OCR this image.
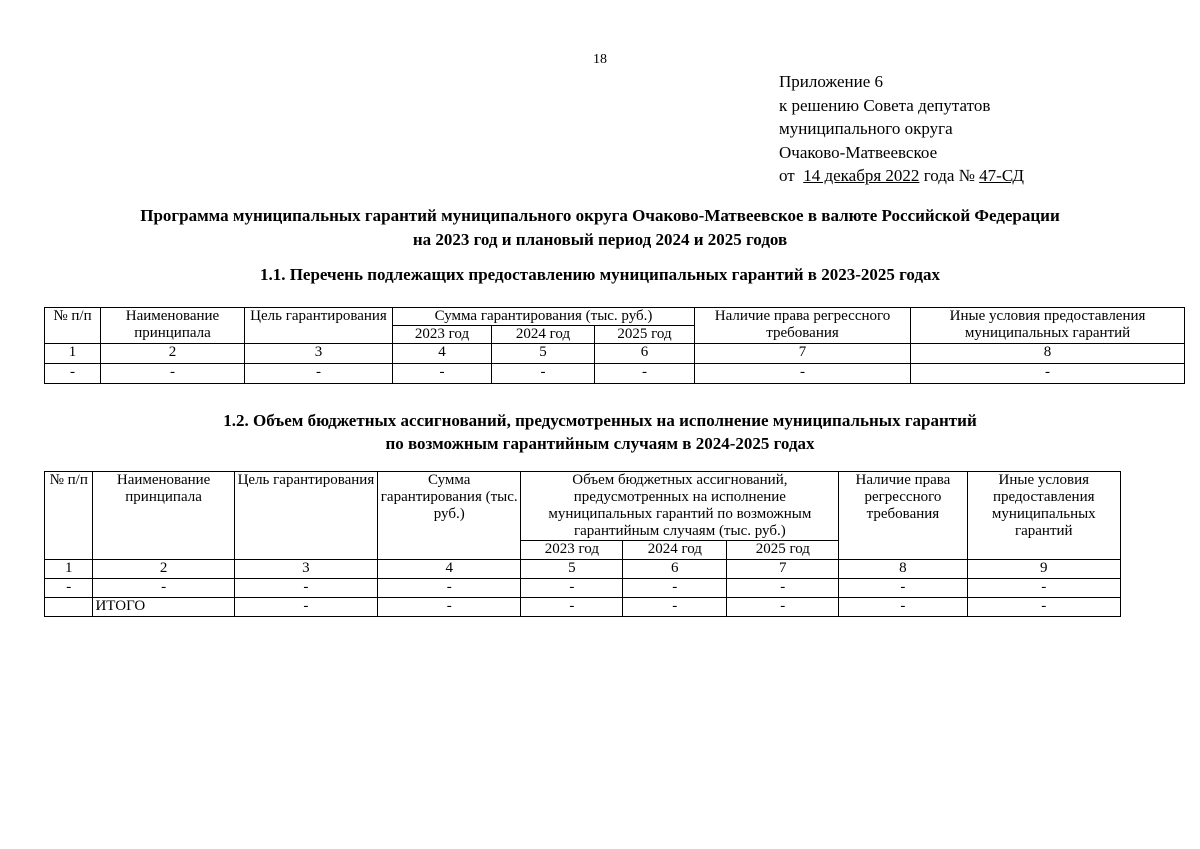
18
Приложение 6
к решению Совета депутатов
муниципального округа
Очаково-Матвеевское
от 14 декабря 2022 года № 47-СД
Программа муниципальных гарантий муниципального округа Очаково-Матвеевское в валюте Российской Федерации
на 2023 год и плановый период 2024 и 2025 годов
1.1. Перечень подлежащих предоставлению муниципальных гарантий в 2023-2025 годах
№ п/п	Наименование принципала	Цель гарантирования	Сумма гарантирования (тыс. руб.)			Наличие права регрессного требования	Иные условия предоставления муниципальных гарантий
			2023 год	2024 год	2025 год		
1	2	3	4	5	6	7	8
-	-	-	-	-	-	-	-
1.2. Объем бюджетных ассигнований, предусмотренных на исполнение муниципальных гарантий
по возможным гарантийным случаям в 2024-2025 годах
№ п/п	Наименование принципала	Цель гарантирования	Сумма гарантирования (тыс. руб.)	Объем бюджетных ассигнований, предусмотренных на исполнение муниципальных гарантий по возможным гарантийным случаям (тыс. руб.)			Наличие права регрессного требования	Иные условия предоставления муниципальных гарантий
				2023 год	2024 год	2025 год		
1	2	3	4	5	6	7	8	9
-	-	-	-	-	-	-	-	-
	ИТОГО	-	-	-	-	-	-	-
